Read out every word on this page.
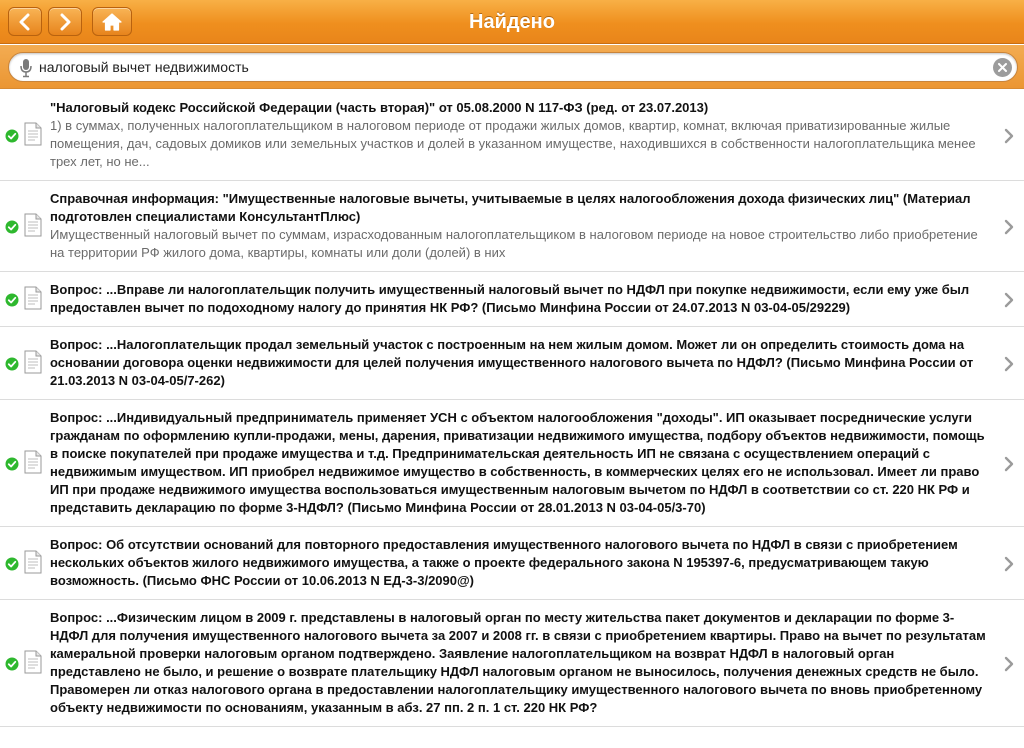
Найдено
налоговый вычет недвижимость
"Налоговый кодекс Российской Федерации (часть вторая)" от 05.08.2000 N 117-ФЗ (ред. от 23.07.2013)
1) в суммах, полученных налогоплательщиком в налоговом периоде от продажи жилых домов, квартир, комнат, включая приватизированные жилые помещения, дач, садовых домиков или земельных участков и долей в указанном имуществе, находившихся в собственности налогоплательщика менее трех лет, но не...
Справочная информация: "Имущественные налоговые вычеты, учитываемые в целях налогообложения дохода физических лиц" (Материал подготовлен специалистами КонсультантПлюс)
Имущественный налоговый вычет по суммам, израсходованным налогоплательщиком в налоговом периоде на новое строительство либо приобретение на территории РФ жилого дома, квартиры, комнаты или доли (долей) в них
Вопрос: ...Вправе ли налогоплательщик получить имущественный налоговый вычет по НДФЛ при покупке недвижимости, если ему уже был предоставлен вычет по подоходному налогу до принятия НК РФ? (Письмо Минфина России от 24.07.2013 N 03-04-05/29229)
Вопрос: ...Налогоплательщик продал земельный участок с построенным на нем жилым домом. Может ли он определить стоимость дома на основании договора оценки недвижимости для целей получения имущественного налогового вычета по НДФЛ? (Письмо Минфина России от 21.03.2013 N 03-04-05/7-262)
Вопрос: ...Индивидуальный предприниматель применяет УСН с объектом налогообложения "доходы". ИП оказывает посреднические услуги гражданам по оформлению купли-продажи, мены, дарения, приватизации недвижимого имущества, подбору объектов недвижимости, помощь в поиске покупателей при продаже имущества и т.д. Предпринимательская деятельность ИП не связана с осуществлением операций с недвижимым имуществом. ИП приобрел недвижимое имущество в собственность, в коммерческих целях его не использовал. Имеет ли право ИП при продаже недвижимого имущества воспользоваться имущественным налоговым вычетом по НДФЛ в соответствии со ст. 220 НК РФ и представить декларацию по форме 3-НДФЛ? (Письмо Минфина России от 28.01.2013 N 03-04-05/3-70)
Вопрос: Об отсутствии оснований для повторного предоставления имущественного налогового вычета по НДФЛ в связи с приобретением нескольких объектов жилого недвижимого имущества, а также о проекте федерального закона N 195397-6, предусматривающем такую возможность. (Письмо ФНС России от 10.06.2013 N ЕД-3-3/2090@)
Вопрос: ...Физическим лицом в 2009 г. представлены в налоговый орган по месту жительства пакет документов и декларации по форме 3-НДФЛ для получения имущественного налогового вычета за 2007 и 2008 гг. в связи с приобретением квартиры. Право на вычет по результатам камеральной проверки налоговым органом подтверждено. Заявление налогоплательщиком на возврат НДФЛ в налоговый орган представлено не было, и решение о возврате плательщику НДФЛ налоговым органом не выносилось, получения денежных средств не было. Правомерен ли отказ налогового органа в предоставлении налогоплательщику имущественного налогового вычета по вновь приобретенному объекту недвижимости по основаниям, указанным в абз. 27 пп. 2 п. 1 ст. 220 НК РФ?
